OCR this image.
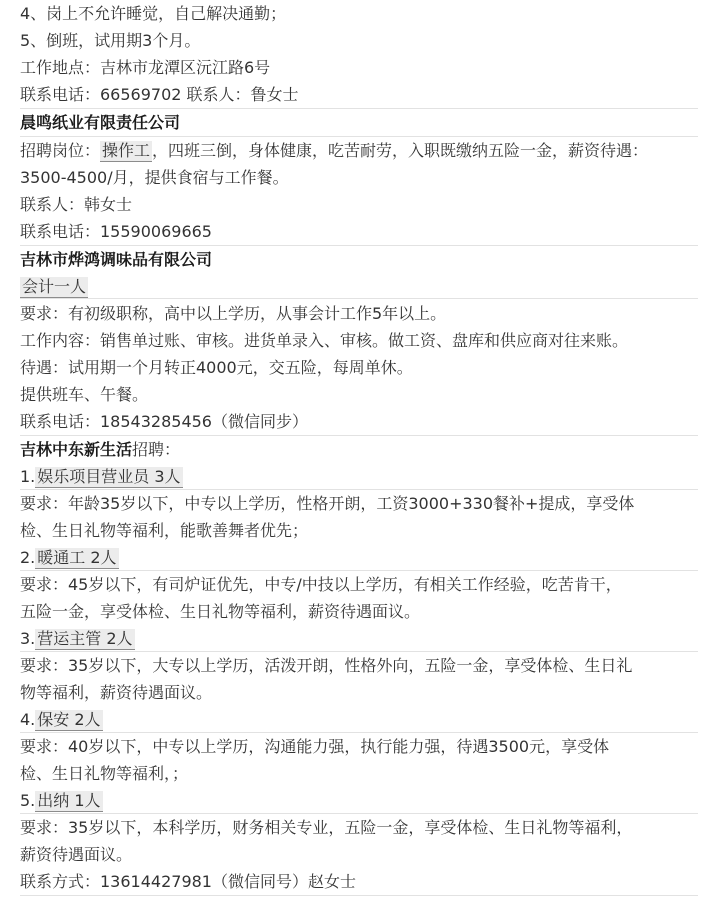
4、岗上不允许睡觉，自己解决通勤；
5、倒班，试用期3个月。
工作地点：吉林市龙潭区沅江路6号
联系电话：66569702 联系人：鲁女士
晨鸣纸业有限责任公司
招聘岗位： 操作工 ，四班三倒，身体健康，吃苦耐劳，入职既缴纳五险一金，薪资待遇：
3500-4500/月，提供食宿与工作餐。
联系人：韩女士
联系电话：15590069665
吉林市烨鸿调味品有限公司
会计一人
要求：有初级职称，高中以上学历，从事会计工作5年以上。
工作内容：销售单过账、审核。进货单录入、审核。做工资、盘库和供应商对往来账。
待遇：试用期一个月转正4000元，交五险，每周单休。
提供班车、午餐。
联系电话：18543285456（微信同步）
吉林中东新生活招聘：
1. 娱乐项目营业员 3人
要求：年龄35岁以下，中专以上学历，性格开朗，工资3000+330餐补+提成，享受体
检、生日礼物等福利，能歌善舞者优先；
2. 暖通工 2人
要求：45岁以下，有司炉证优先，中专/中技以上学历，有相关工作经验，吃苦肯干，
五险一金，享受体检、生日礼物等福利，薪资待遇面议。
3. 营运主管 2人
要求：35岁以下，大专以上学历，活泼开朗，性格外向，五险一金，享受体检、生日礼
物等福利，薪资待遇面议。
4. 保安 2人
要求：40岁以下，中专以上学历，沟通能力强，执行能力强，待遇3500元，享受体
检、生日礼物等福利，；
5. 出纳 1人
要求：35岁以下，本科学历，财务相关专业，五险一金，享受体检、生日礼物等福利，
薪资待遇面议。
联系方式：13614427981（微信同号）赵女士
